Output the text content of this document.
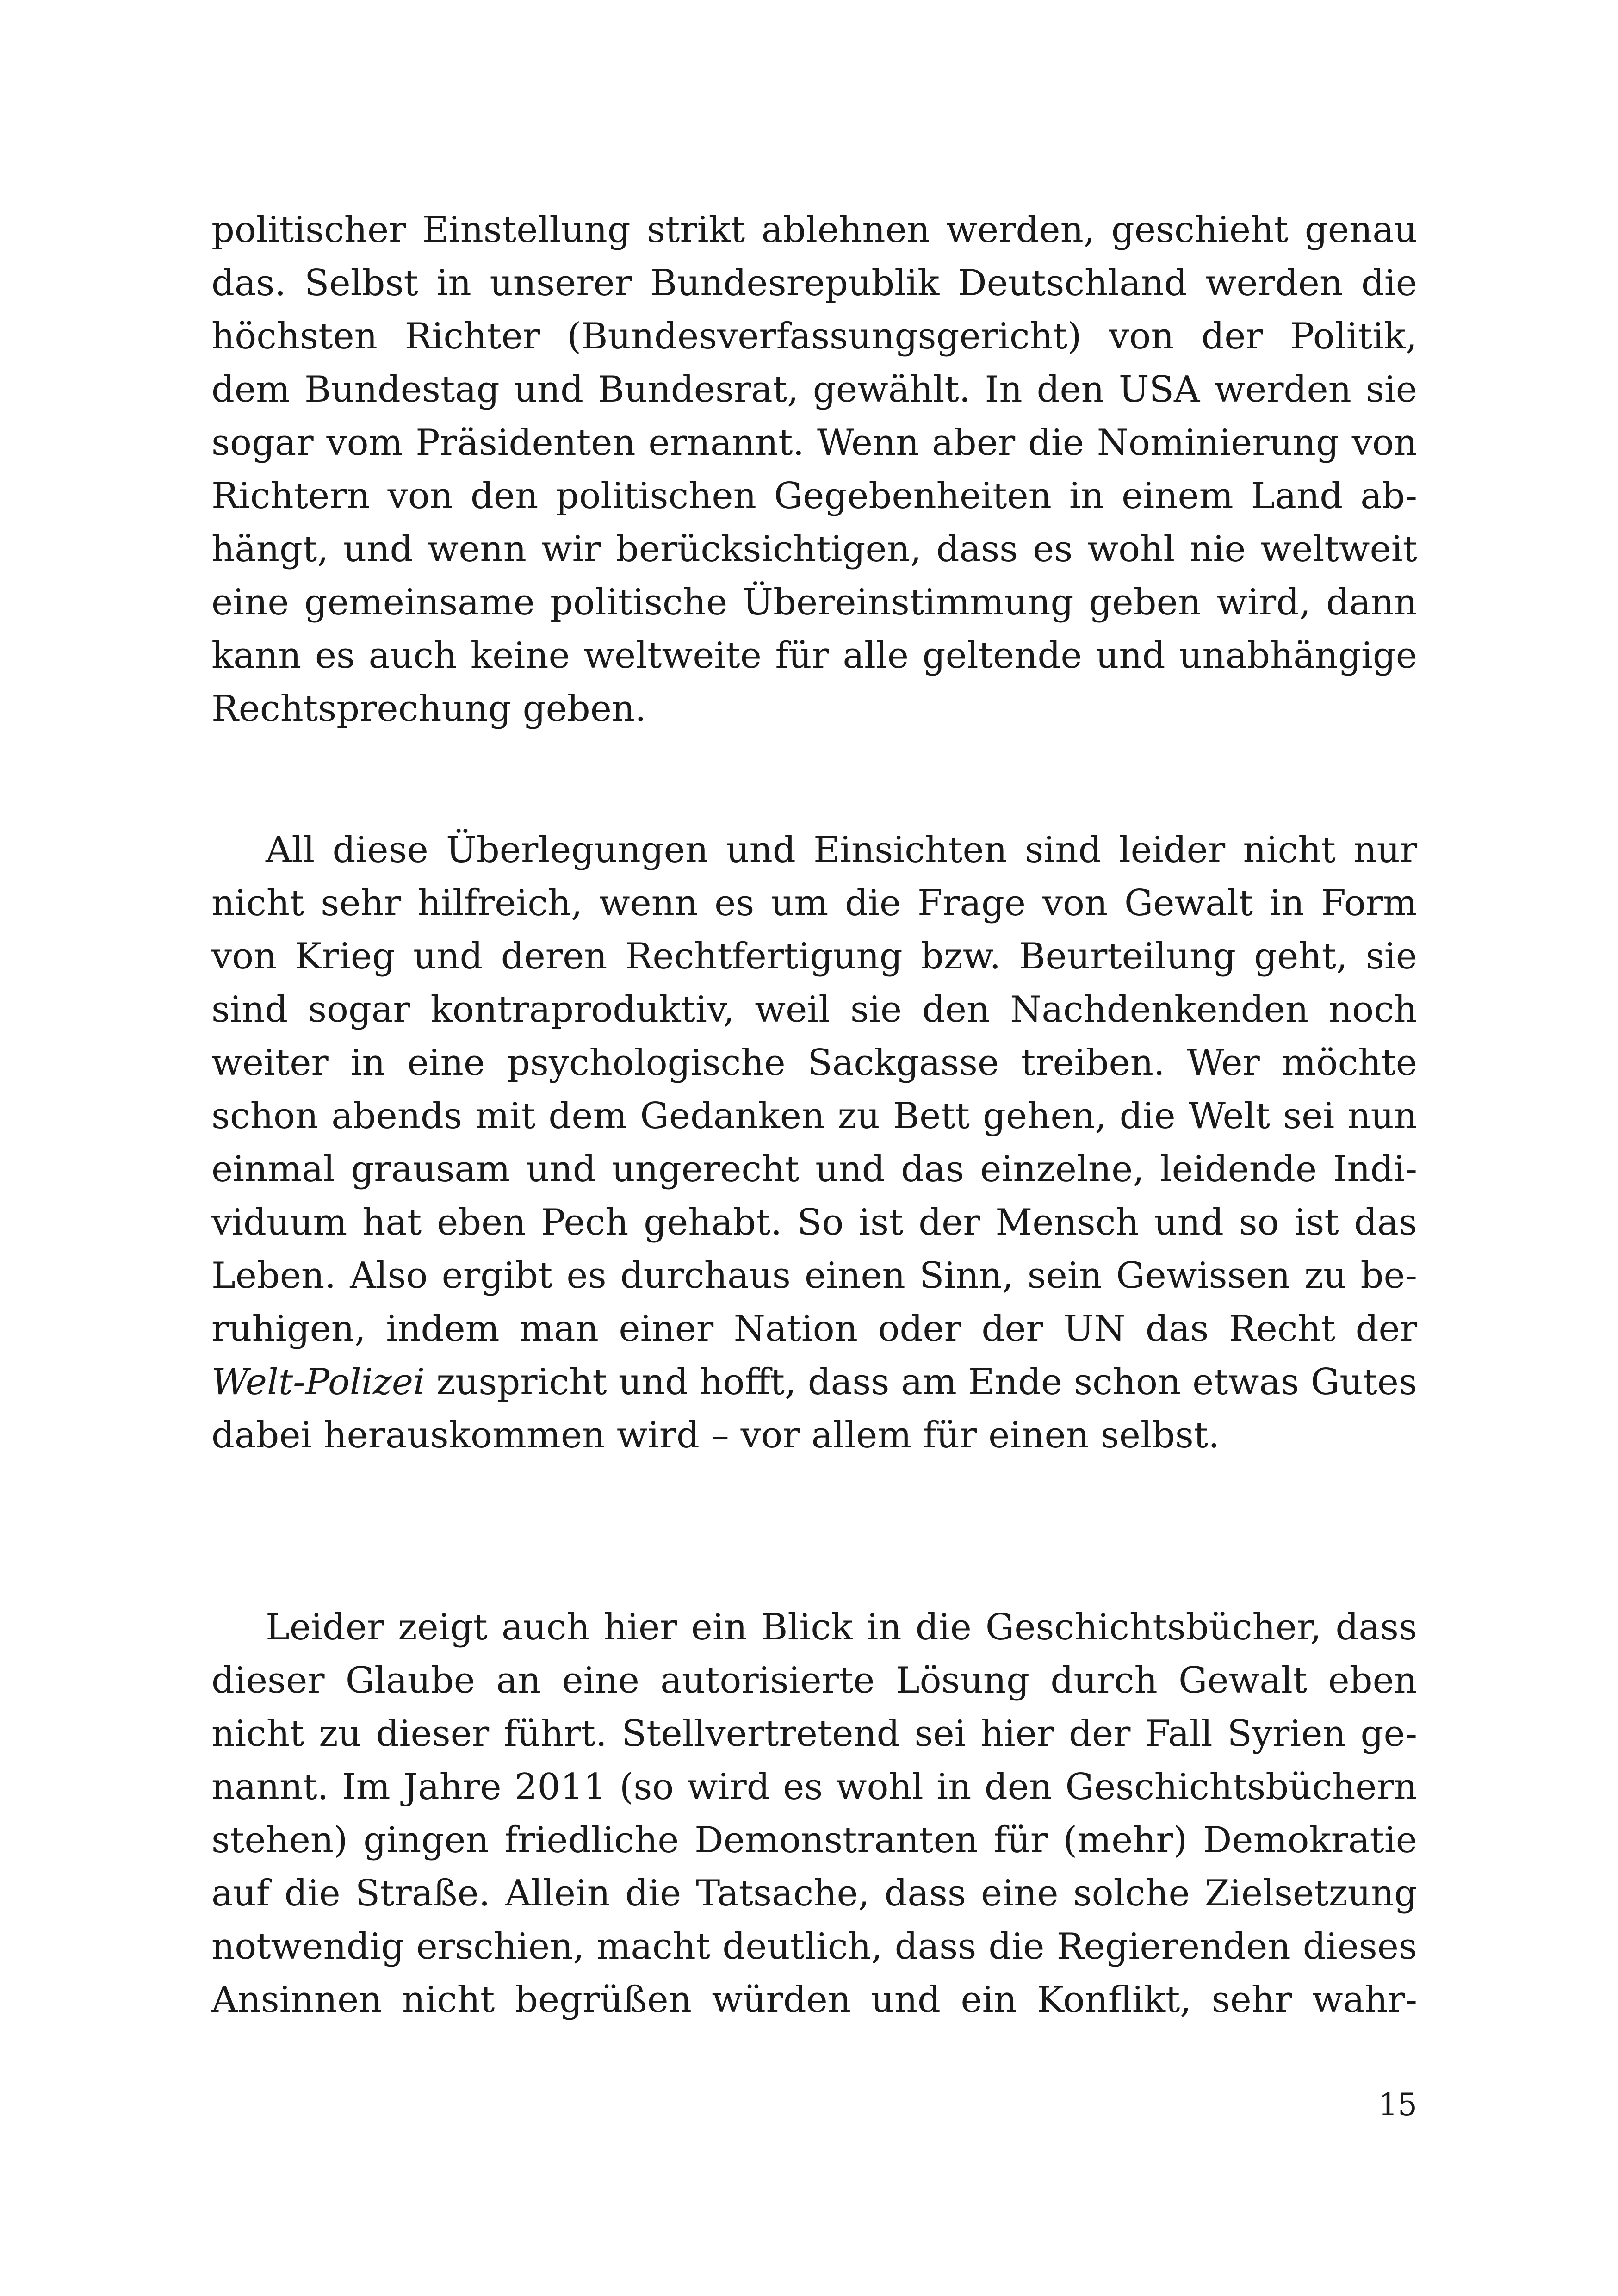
politischer Einstellung strikt ablehnen werden, geschieht genau
das. Selbst in unserer Bundesrepublik Deutschland werden die
höchsten Richter (Bundesverfassungsgericht) von der Politik,
dem Bundestag und Bundesrat, gewählt. In den USA werden sie
sogar vom Präsidenten ernannt. Wenn aber die Nominierung von
Richtern von den politischen Gegebenheiten in einem Land ab-
hängt, und wenn wir berücksichtigen, dass es wohl nie weltweit
eine gemeinsame politische Übereinstimmung geben wird, dann
kann es auch keine weltweite für alle geltende und unabhängige
Rechtsprechung geben.
All diese Überlegungen und Einsichten sind leider nicht nur
nicht sehr hilfreich, wenn es um die Frage von Gewalt in Form
von Krieg und deren Rechtfertigung bzw. Beurteilung geht, sie
sind sogar kontraproduktiv, weil sie den Nachdenkenden noch
weiter in eine psychologische Sackgasse treiben. Wer möchte
schon abends mit dem Gedanken zu Bett gehen, die Welt sei nun
einmal grausam und ungerecht und das einzelne, leidende Indi-
viduum hat eben Pech gehabt. So ist der Mensch und so ist das
Leben. Also ergibt es durchaus einen Sinn, sein Gewissen zu be-
ruhigen, indem man einer Nation oder der UN das Recht der
Welt-Polizei zuspricht und hofft, dass am Ende schon etwas Gutes
dabei herauskommen wird – vor allem für einen selbst.
Leider zeigt auch hier ein Blick in die Geschichtsbücher, dass
dieser Glaube an eine autorisierte Lösung durch Gewalt eben
nicht zu dieser führt. Stellvertretend sei hier der Fall Syrien ge-
nannt. Im Jahre 2011 (so wird es wohl in den Geschichtsbüchern
stehen) gingen friedliche Demonstranten für (mehr) Demokratie
auf die Straße. Allein die Tatsache, dass eine solche Zielsetzung
notwendig erschien, macht deutlich, dass die Regierenden dieses
Ansinnen nicht begrüßen würden und ein Konflikt, sehr wahr-
15
